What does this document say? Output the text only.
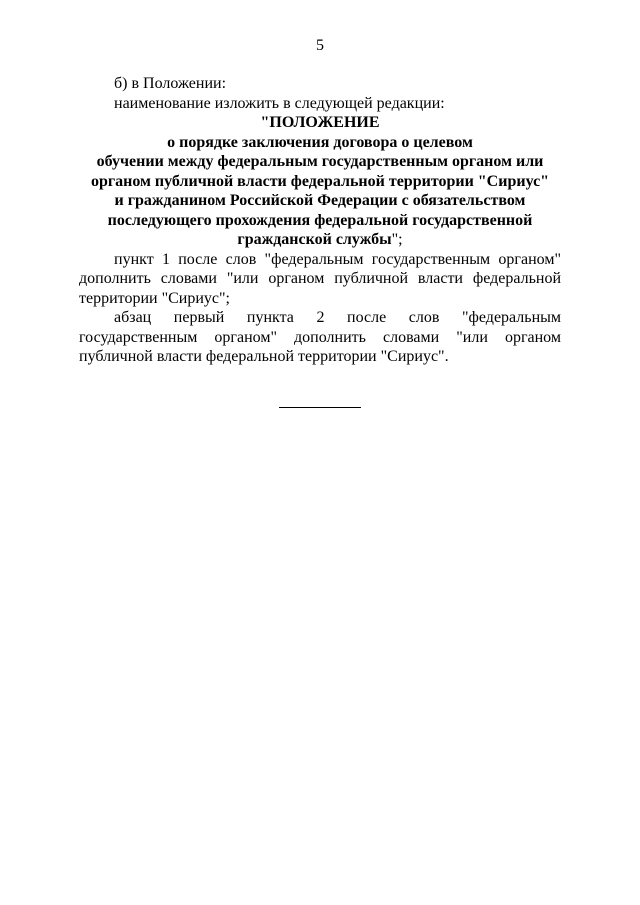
5

б) в Положении:

наименование изложить в следующей редакции:

"ПОЛОЖЕНИЕ
о порядке заключения договора о целевом
обучении между федеральным государственным органом или
органом публичной власти федеральной территории "Сириус"
и гражданином Российской Федерации с обязательством
последующего прохождения федеральной государственной
гражданской службы";

пункт 1 после слов "федеральным государственным органом"
дополнить словами "или органом публичной власти федеральной
территории "Сириус";

абзац первый пункта 2 после слов "федеральным
государственным органом" дополнить словами "или органом
публичной власти федеральной территории "Сириус".
